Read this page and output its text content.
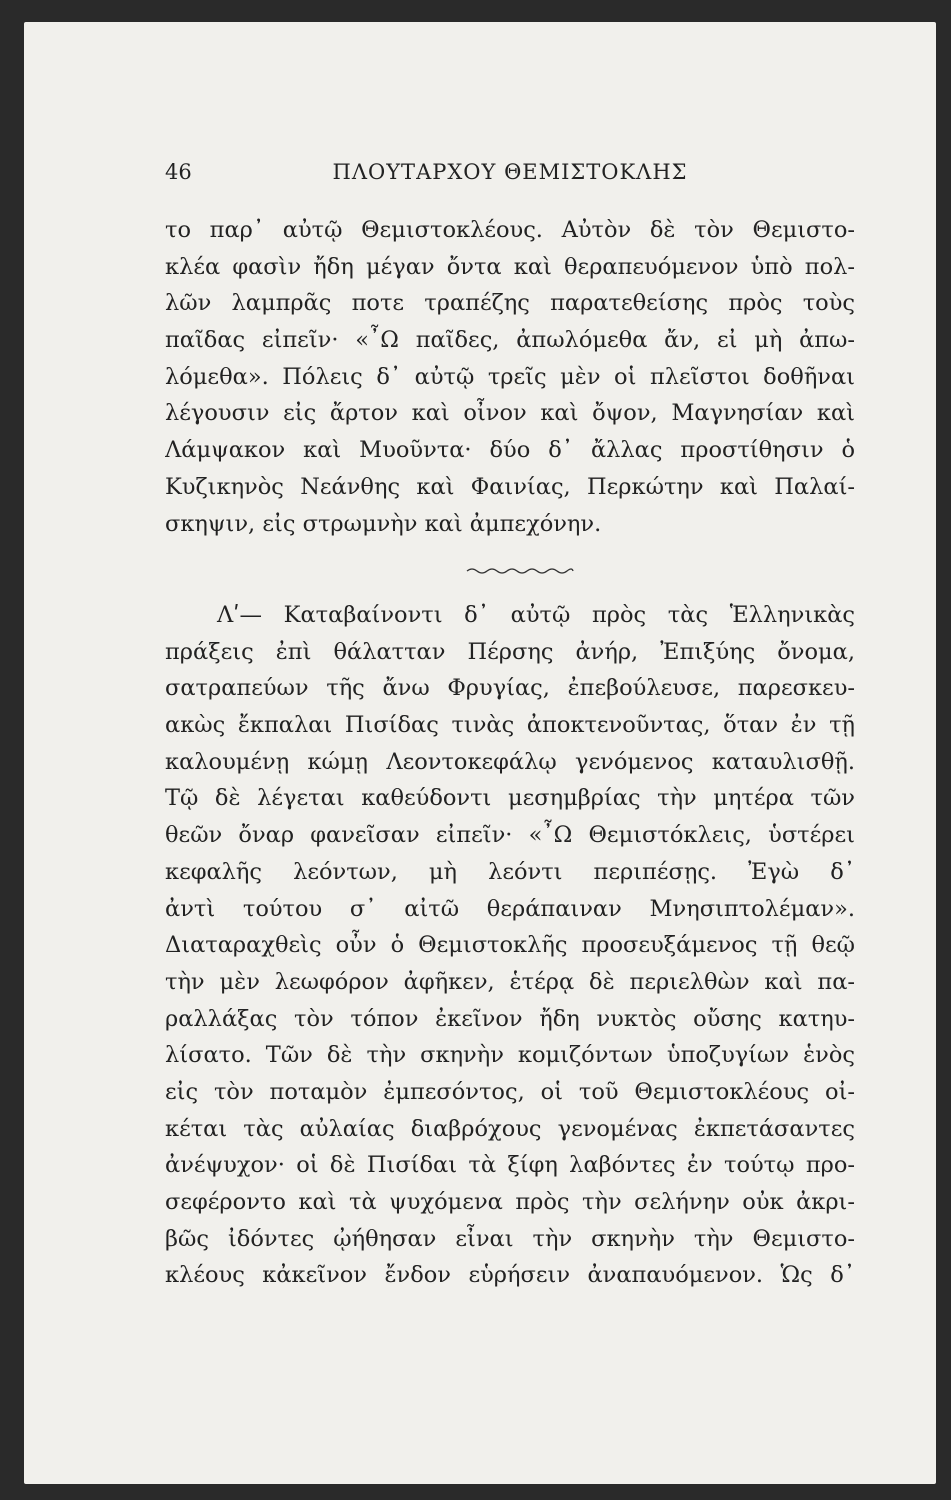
46	ΠΛΟΥΤΑΡΧΟΥ ΘΕΜΙΣΤΟΚΛΗΣ
το παρ᾽ αὐτῷ Θεμιστοκλέους. Αὐτὸν δὲ τὸν Θεμιστο-
κλέα φασὶν ἤδη μέγαν ὄντα καὶ θεραπευόμενον ὑπὸ πολ-
λῶν λαμπρᾶς ποτε τραπέζης παρατεθείσης πρὸς τοὺς
παῖδας εἰπεῖν· «῏Ω παῖδες, ἀπωλόμεθα ἄν, εἰ μὴ ἀπω-
λόμεθα». Πόλεις δ᾽ αὐτῷ τρεῖς μὲν οἱ πλεῖστοι δοθῆναι
λέγουσιν εἰς ἄρτον καὶ οἶνον καὶ ὄψον, Μαγνησίαν καὶ
Λάμψακον καὶ Μυοῦντα· δύο δ᾽ ἄλλας προστίθησιν ὁ
Κυζικηνὸς Νεάνθης καὶ Φαινίας, Περκώτην καὶ Παλαί-
σκηψιν, εἰς στρωμνὴν καὶ ἀμπεχόνην.
Λʹ— Καταβαίνοντι δ᾽ αὐτῷ πρὸς τὰς Ἑλληνικὰς
πράξεις ἐπὶ θάλατταν Πέρσης ἀνήρ, Ἐπιξύης ὄνομα,
σατραπεύων τῆς ἄνω Φρυγίας, ἐπεβούλευσε, παρεσκευ-
ακὼς ἔκπαλαι Πισίδας τινὰς ἀποκτενοῦντας, ὅταν ἐν τῇ
καλουμένῃ κώμῃ Λεοντοκεφάλῳ γενόμενος καταυλισθῇ.
Τῷ δὲ λέγεται καθεύδοντι μεσημβρίας τὴν μητέρα τῶν
θεῶν ὄναρ φανεῖσαν εἰπεῖν· «῏Ω Θεμιστόκλεις, ὑστέρει
κεφαλῆς λεόντων, μὴ λεόντι περιπέσῃς. Ἐγὼ δ᾽
ἀντὶ τούτου σ᾽ αἰτῶ θεράπαιναν Μνησιπτολέμαν».
Διαταραχθεὶς οὖν ὁ Θεμιστοκλῆς προσευξάμενος τῇ θεῷ
τὴν μὲν λεωφόρον ἀφῆκεν, ἑτέρᾳ δὲ περιελθὼν καὶ πα-
ραλλάξας τὸν τόπον ἐκεῖνον ἤδη νυκτὸς οὔσης κατηυ-
λίσατο. Τῶν δὲ τὴν σκηνὴν κομιζόντων ὑποζυγίων ἑνὸς
εἰς τὸν ποταμὸν ἐμπεσόντος, οἱ τοῦ Θεμιστοκλέους οἰ-
κέται τὰς αὐλαίας διαβρόχους γενομένας ἐκπετάσαντες
ἀνέψυχον· οἱ δὲ Πισίδαι τὰ ξίφη λαβόντες ἐν τούτῳ προ-
σεφέροντο καὶ τὰ ψυχόμενα πρὸς τὴν σελήνην οὐκ ἀκρι-
βῶς ἰδόντες ᾠήθησαν εἶναι τὴν σκηνὴν τὴν Θεμιστο-
κλέους κἀκεῖνον ἔνδον εὑρήσειν ἀναπαυόμενον. Ὡς δ᾽
